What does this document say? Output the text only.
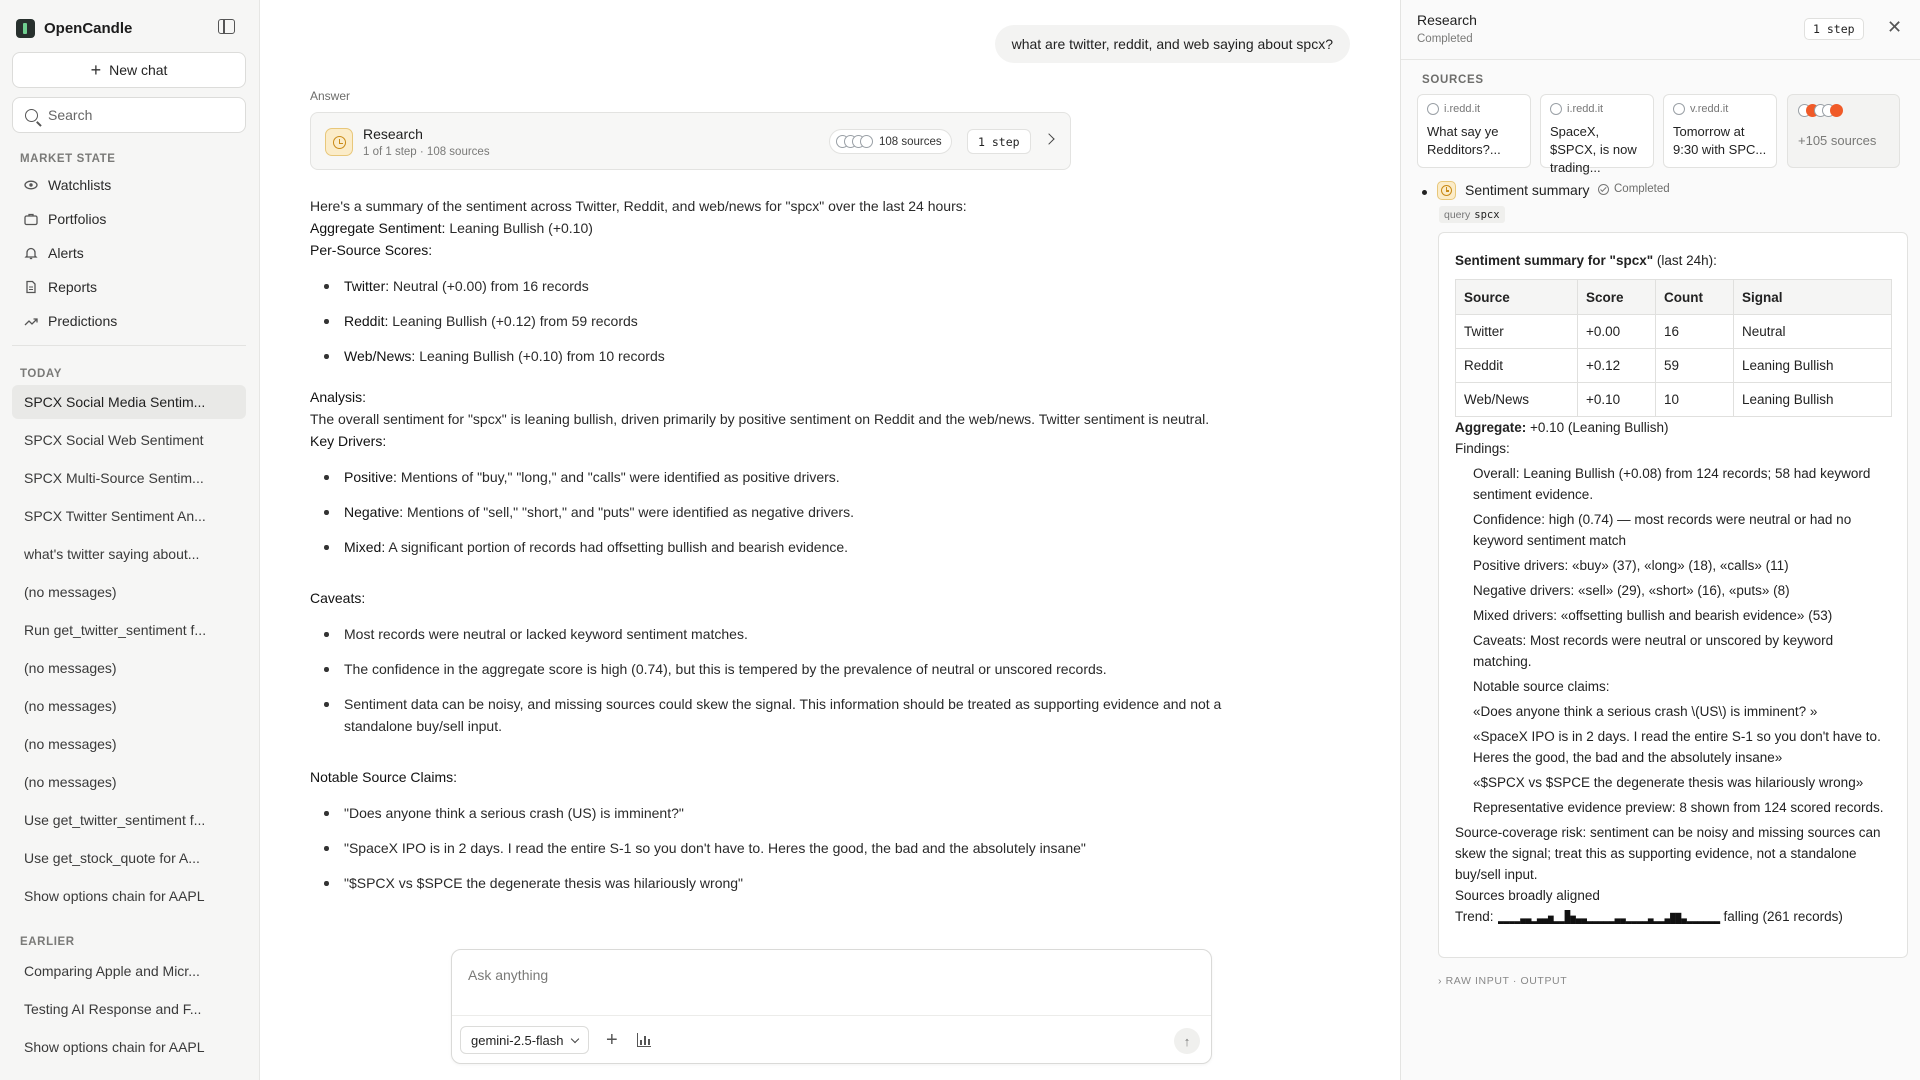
OpenCandle
+ New chat
Search
MARKET STATE
Watchlists
Portfolios
Alerts
Reports
Predictions
TODAY
SPCX Social Media Sentim...
SPCX Social Web Sentiment
SPCX Multi-Source Sentim...
SPCX Twitter Sentiment An...
what's twitter saying about...
(no messages)
Run get_twitter_sentiment f...
(no messages)
(no messages)
(no messages)
(no messages)
Use get_twitter_sentiment f...
Use get_stock_quote for A...
Show options chain for AAPL
EARLIER
Comparing Apple and Micr...
Testing AI Response and F...
Show options chain for AAPL
what are twitter, reddit, and web saying about spcx?
Answer
Research
1 of 1 step · 108 sources
108 sources	1 step

Here's a summary of the sentiment across Twitter, Reddit, and web/news for "spcx" over the last 24 hours:

Aggregate Sentiment: Leaning Bullish (+0.10)

Per-Source Scores:

Twitter: Neutral (+0.00) from 16 records
Reddit: Leaning Bullish (+0.12) from 59 records
Web/News: Leaning Bullish (+0.10) from 10 records

Analysis:

The overall sentiment for "spcx" is leaning bullish, driven primarily by positive sentiment on Reddit and the web/news. Twitter sentiment is neutral.

Key Drivers:

Positive: Mentions of "buy," "long," and "calls" were identified as positive drivers.
Negative: Mentions of "sell," "short," and "puts" were identified as negative drivers.
Mixed: A significant portion of records had offsetting bullish and bearish evidence.

Caveats:

Most records were neutral or lacked keyword sentiment matches.
The confidence in the aggregate score is high (0.74), but this is tempered by the prevalence of neutral or unscored records.
Sentiment data can be noisy, and missing sources could skew the signal. This information should be treated as supporting evidence and not a standalone buy/sell input.

Notable Source Claims:

"Does anyone think a serious crash (US) is imminent?"
"SpaceX IPO is in 2 days. I read the entire S-1 so you don't have to. Heres the good, the bad and the absolutely insane"
"$SPCX vs $SPCE the degenerate thesis was hilariously wrong"
Ask anything
gemini-2.5-flash +	↑
Research
Completed
1 step	✕
SOURCES
i.redd.it
What say ye Redditors?...
i.redd.it
SpaceX, $SPCX, is now trading...
v.redd.it
Tomorrow at 9:30 with SPC...
+105 sources
Sentiment summary Completed
query spcx
Sentiment summary for "spcx" (last 24h):
Source	Score	Count	Signal
Twitter	+0.00	16	Neutral
Reddit	+0.12	59	Leaning Bullish
Web/News	+0.10	10	Leaning Bullish
Aggregate: +0.10 (Leaning Bullish)
Findings:
Overall: Leaning Bullish (+0.08) from 124 records; 58 had keyword sentiment evidence.
Confidence: high (0.74) — most records were neutral or had no keyword sentiment match
Positive drivers: «buy» (37), «long» (18), «calls» (11)
Negative drivers: «sell» (29), «short» (16), «puts» (8)
Mixed drivers: «offsetting bullish and bearish evidence» (53)
Caveats: Most records were neutral or unscored by keyword matching.
Notable source claims:
«Does anyone think a serious crash \(US\) is imminent? »
«SpaceX IPO is in 2 days. I read the entire S-1 so you don't have to. Heres the good, the bad and the absolutely insane»
«$SPCX vs $SPCE the degenerate thesis was hilariously wrong»
Representative evidence preview: 8 shown from 124 scored records.
Source-coverage risk: sentiment can be noisy and missing sources can skew the signal; treat this as supporting evidence, not a standalone buy/sell input.
Sources broadly aligned
Trend:	falling (261 records)
› RAW INPUT · OUTPUT
